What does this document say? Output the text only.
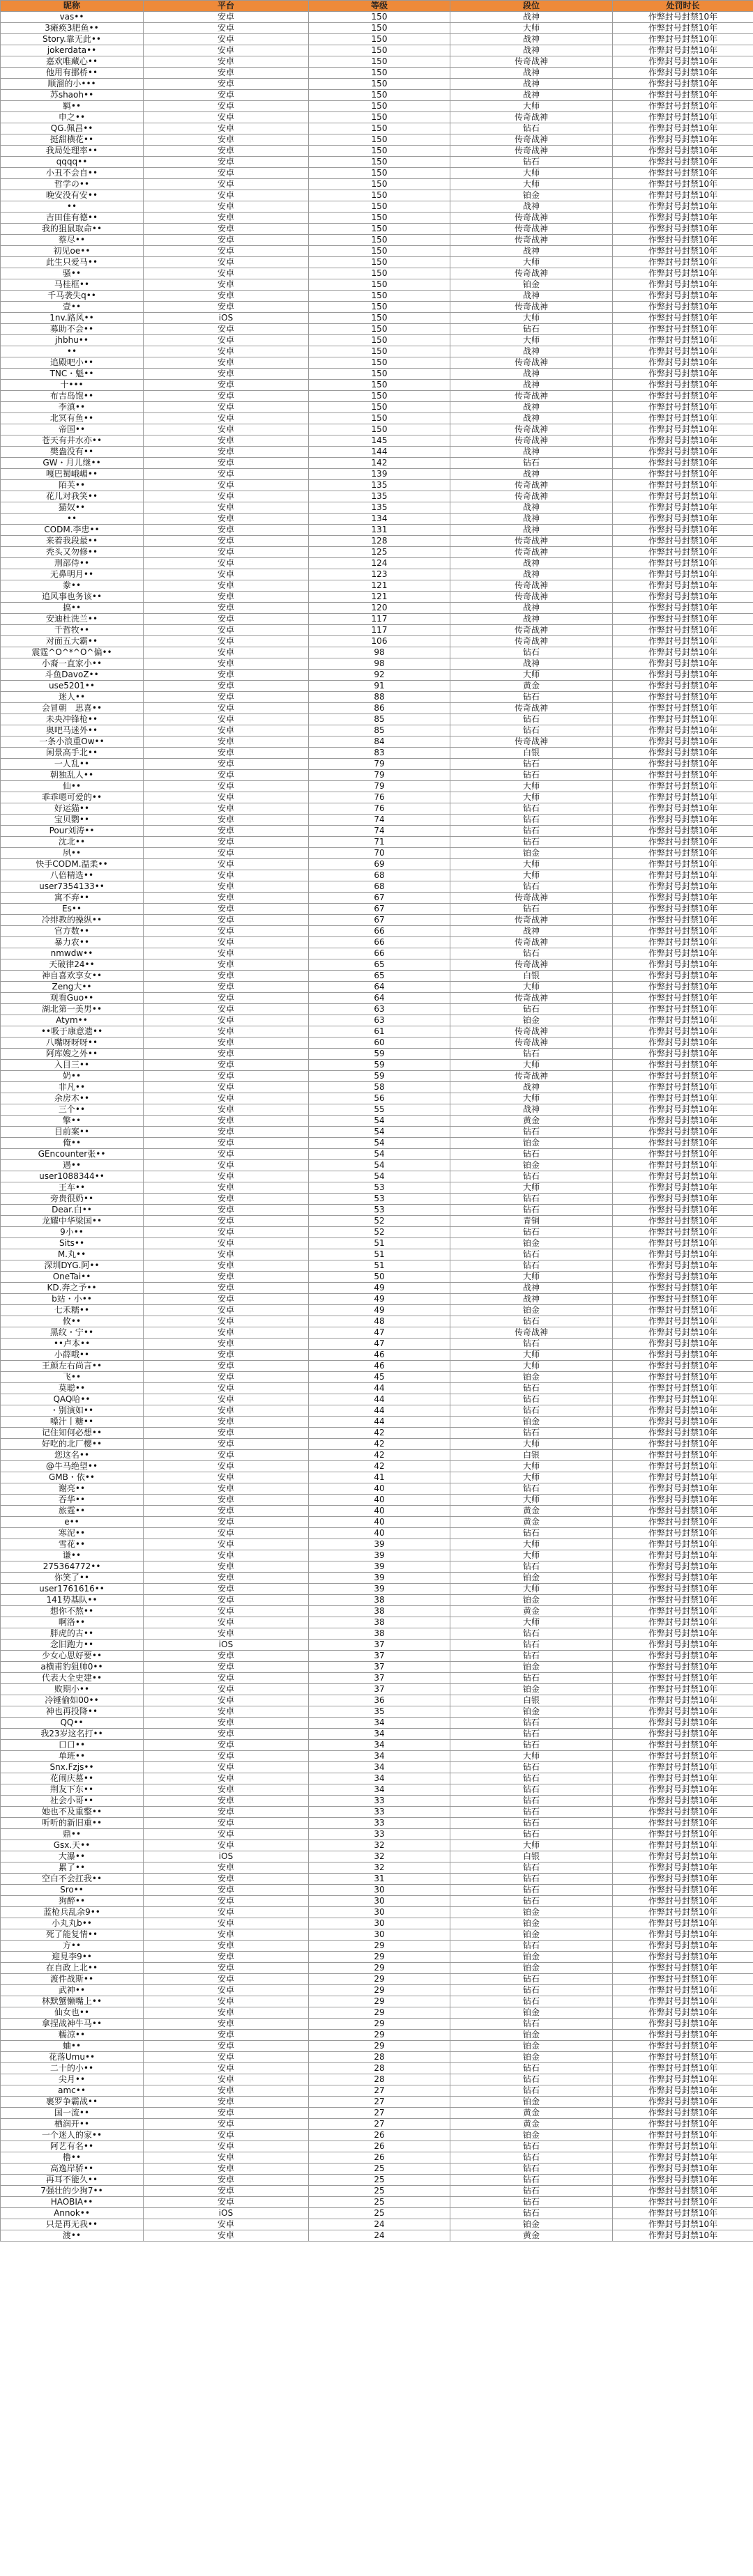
昵称	平台	等级	段位	处罚时长
vas••	安卓	150	战神	作弊封号封禁10年
3瘫痪3肥鱼••	安卓	150	大师	作弊封号封禁10年
Story.靠无此••	安卓	150	战神	作弊封号封禁10年
jokerdata••	安卓	150	战神	作弊封号封禁10年
嘉欢唯藏心••	安卓	150	传奇战神	作弊封号封禁10年
他用有挪桥••	安卓	150	战神	作弊封号封禁10年
顺溜的小•••	安卓	150	战神	作弊封号封禁10年
苏shaoh••	安卓	150	战神	作弊封号封禁10年
羁••	安卓	150	大师	作弊封号封禁10年
申之••	安卓	150	传奇战神	作弊封号封禁10年
QG.佩昌••	安卓	150	钻石	作弊封号封禁10年
挺甜横花••	安卓	150	传奇战神	作弊封号封禁10年
我局处理率••	安卓	150	传奇战神	作弊封号封禁10年
qqqq••	安卓	150	钻石	作弊封号封禁10年
小丑不会自••	安卓	150	大师	作弊封号封禁10年
哲学の••	安卓	150	大师	作弊封号封禁10年
晚安没有安••	安卓	150	铂金	作弊封号封禁10年
••	安卓	150	战神	作弊封号封禁10年
吉田佳有德••	安卓	150	传奇战神	作弊封号封禁10年
我的狙鼠取命••	安卓	150	传奇战神	作弊封号封禁10年
蔡尽••	安卓	150	传奇战神	作弊封号封禁10年
初见oe••	安卓	150	战神	作弊封号封禁10年
此生只爱马••	安卓	150	大师	作弊封号封禁10年
骚••	安卓	150	传奇战神	作弊封号封禁10年
马桂框••	安卓	150	铂金	作弊封号封禁10年
千马袭失q••	安卓	150	战神	作弊封号封禁10年
壹••	安卓	150	传奇战神	作弊封号封禁10年
1nv.路风••	iOS	150	大师	作弊封号封禁10年
募助不会••	安卓	150	钻石	作弊封号封禁10年
jhbhu••	安卓	150	大师	作弊封号封禁10年
••	安卓	150	战神	作弊封号封禁10年
追殿吧小••	安卓	150	传奇战神	作弊封号封禁10年
TNC・魁••	安卓	150	战神	作弊封号封禁10年
十•••	安卓	150	战神	作弊封号封禁10年
布吉岛饱••	安卓	150	传奇战神	作弊封号封禁10年
李滇••	安卓	150	战神	作弊封号封禁10年
北冥有鱼••	安卓	150	战神	作弊封号封禁10年
帝国••	安卓	150	传奇战神	作弊封号封禁10年
苍天有井水亦••	安卓	145	传奇战神	作弊封号封禁10年
樊盎没有••	安卓	144	战神	作弊封号封禁10年
GW・月儿继••	安卓	142	钻石	作弊封号封禁10年
嘎巴蜀峨嵋••	安卓	139	战神	作弊封号封禁10年
陌芙••	安卓	135	传奇战神	作弊封号封禁10年
花儿对我笑••	安卓	135	传奇战神	作弊封号封禁10年
猫奴••	安卓	135	战神	作弊封号封禁10年
••	安卓	134	战神	作弊封号封禁10年
CODM.李忠••	安卓	131	战神	作弊封号封禁10年
来着我段最••	安卓	128	传奇战神	作弊封号封禁10年
秃头又勿修••	安卓	125	传奇战神	作弊封号封禁10年
刑部侍••	安卓	124	战神	作弊封号封禁10年
无鼻明月••	安卓	123	战神	作弊封号封禁10年
豢••	安卓	121	传奇战神	作弊封号封禁10年
追风事也务该••	安卓	121	传奇战神	作弊封号封禁10年
搞••	安卓	120	战神	作弊封号封禁10年
安迪杜洗兰••	安卓	117	战神	作弊封号封禁10年
千哲牧••	安卓	117	传奇战神	作弊封号封禁10年
对面五大霸••	安卓	106	传奇战神	作弊封号封禁10年
震霆^O^*^O^偏••	安卓	98	钻石	作弊封号封禁10年
小裔一直家小••	安卓	98	战神	作弊封号封禁10年
斗鱼DavoZ••	安卓	92	大师	作弊封号封禁10年
use5201••	安卓	91	黄金	作弊封号封禁10年
迷人••	安卓	88	钻石	作弊封号封禁10年
会冒朝　思喜••	安卓	86	传奇战神	作弊封号封禁10年
未央冲锋枪••	安卓	85	钻石	作弊封号封禁10年
奥吧马迷外••	安卓	85	钻石	作弊封号封禁10年
一条小浪重Ow••	安卓	84	传奇战神	作弊封号封禁10年
闲景高手北••	安卓	83	白银	作弊封号封禁10年
一人乱••	安卓	79	钻石	作弊封号封禁10年
朝独乱人••	安卓	79	钻石	作弊封号封禁10年
仙••	安卓	79	大师	作弊封号封禁10年
乖乖嗯可爱的••	安卓	76	大师	作弊封号封禁10年
好运猫••	安卓	76	钻石	作弊封号封禁10年
宝贝鹦••	安卓	74	钻石	作弊封号封禁10年
Pour刘涛••	安卓	74	钻石	作弊封号封禁10年
沈北••	安卓	71	钻石	作弊封号封禁10年
夙••	安卓	70	铂金	作弊封号封禁10年
快手CODM.温柔••	安卓	69	大师	作弊封号封禁10年
八倍精选••	安卓	68	大师	作弊封号封禁10年
user7354133••	安卓	68	钻石	作弊封号封禁10年
寓不弃••	安卓	67	传奇战神	作弊封号封禁10年
Es••	安卓	67	钻石	作弊封号封禁10年
冷绯教的操纵••	安卓	67	传奇战神	作弊封号封禁10年
官方数••	安卓	66	战神	作弊封号封禁10年
暴力农••	安卓	66	传奇战神	作弊封号封禁10年
nmwdw••	安卓	66	钻石	作弊封号封禁10年
天破律24••	安卓	65	传奇战神	作弊封号封禁10年
神自喜欢享女••	安卓	65	白银	作弊封号封禁10年
Zeng大••	安卓	64	大师	作弊封号封禁10年
观看Guo••	安卓	64	传奇战神	作弊封号封禁10年
湖北第一美男••	安卓	63	钻石	作弊封号封禁10年
Atym••	安卓	63	铂金	作弊封号封禁10年
••吸于康意遗••	安卓	61	传奇战神	作弊封号封禁10年
八嘴呀呀呀••	安卓	60	传奇战神	作弊封号封禁10年
阿库嫂之外••	安卓	59	钻石	作弊封号封禁10年
入目三••	安卓	59	大师	作弊封号封禁10年
奶••	安卓	59	传奇战神	作弊封号封禁10年
非凡••	安卓	58	战神	作弊封号封禁10年
余房木••	安卓	56	大师	作弊封号封禁10年
三个••	安卓	55	战神	作弊封号封禁10年
擎••	安卓	54	黄金	作弊封号封禁10年
目前案••	安卓	54	钻石	作弊封号封禁10年
俺••	安卓	54	铂金	作弊封号封禁10年
GEncounter张••	安卓	54	钻石	作弊封号封禁10年
遇••	安卓	54	铂金	作弊封号封禁10年
user1088344••	安卓	54	钻石	作弊封号封禁10年
王车••	安卓	53	大师	作弊封号封禁10年
旁贵很奶••	安卓	53	钻石	作弊封号封禁10年
Dear.白••	安卓	53	钻石	作弊封号封禁10年
龙耀中华梁国••	安卓	52	青铜	作弊封号封禁10年
9小••	安卓	52	钻石	作弊封号封禁10年
Sits••	安卓	51	铂金	作弊封号封禁10年
M.丸••	安卓	51	钻石	作弊封号封禁10年
深圳DYG.阿••	安卓	51	钻石	作弊封号封禁10年
OneTai••	安卓	50	大师	作弊封号封禁10年
KD.奔之予••	安卓	49	战神	作弊封号封禁10年
b站・小••	安卓	49	战神	作弊封号封禁10年
七禾糯••	安卓	49	铂金	作弊封号封禁10年
攸••	安卓	48	钻石	作弊封号封禁10年
黑纹・宁••	安卓	47	传奇战神	作弊封号封禁10年
••卢本••	安卓	47	钻石	作弊封号封禁10年
小薛哦••	安卓	46	大师	作弊封号封禁10年
王颜左右尚言••	安卓	46	大师	作弊封号封禁10年
飞••	安卓	45	铂金	作弊封号封禁10年
莫聪••	安卓	44	钻石	作弊封号封禁10年
QAQ哈••	安卓	44	钻石	作弊封号封禁10年
・别演如••	安卓	44	钻石	作弊封号封禁10年
嗓汁丨糖••	安卓	44	铂金	作弊封号封禁10年
记住知何必想••	安卓	42	钻石	作弊封号封禁10年
好吃的北厂樱••	安卓	42	大师	作弊封号封禁10年
您这名••	安卓	42	白银	作弊封号封禁10年
@牛马绝望••	安卓	42	大师	作弊封号封禁10年
GMB・依••	安卓	41	大师	作弊封号封禁10年
谢亮••	安卓	40	钻石	作弊封号封禁10年
吞华••	安卓	40	大师	作弊封号封禁10年
旅霆••	安卓	40	黄金	作弊封号封禁10年
e••	安卓	40	黄金	作弊封号封禁10年
寒泥••	安卓	40	钻石	作弊封号封禁10年
雪花••	安卓	39	大师	作弊封号封禁10年
谦••	安卓	39	大师	作弊封号封禁10年
275364772••	安卓	39	钻石	作弊封号封禁10年
你笑了••	安卓	39	铂金	作弊封号封禁10年
user1761616••	安卓	39	大师	作弊封号封禁10年
141势基队••	安卓	38	铂金	作弊封号封禁10年
想你不熬••	安卓	38	黄金	作弊封号封禁10年
啊洛••	安卓	38	大师	作弊封号封禁10年
胖虎的古••	安卓	38	钻石	作弊封号封禁10年
念旧跑力••	iOS	37	钻石	作弊封号封禁10年
少女心思好要••	安卓	37	钻石	作弊封号封禁10年
a横甫豹狙帅0••	安卓	37	铂金	作弊封号封禁10年
代表大全史建••	安卓	37	钻石	作弊封号封禁10年
败期小••	安卓	37	铂金	作弊封号封禁10年
冷锤偷如00••	安卓	36	白银	作弊封号封禁10年
神也再投降••	安卓	35	铂金	作弊封号封禁10年
QQ••	安卓	34	钻石	作弊封号封禁10年
我23岁这名打••	安卓	34	钻石	作弊封号封禁10年
口口••	安卓	34	钻石	作弊封号封禁10年
单班••	安卓	34	大师	作弊封号封禁10年
Snx.Fzjs••	安卓	34	钻石	作弊封号封禁10年
花闹庆墓••	安卓	34	钻石	作弊封号封禁10年
荆友下东••	安卓	34	钻石	作弊封号封禁10年
社会小哥••	安卓	33	钻石	作弊封号封禁10年
她也不及重整••	安卓	33	钻石	作弊封号封禁10年
听听的新旧重••	安卓	33	钻石	作弊封号封禁10年
鼎••	安卓	33	钻石	作弊封号封禁10年
Gsx.天••	安卓	32	大师	作弊封号封禁10年
大瀑••	iOS	32	白银	作弊封号封禁10年
累了••	安卓	32	钻石	作弊封号封禁10年
空白不会扛我••	安卓	31	钻石	作弊封号封禁10年
Sro••	安卓	30	钻石	作弊封号封禁10年
狗醉••	安卓	30	钻石	作弊封号封禁10年
蓝枪兵乱余9••	安卓	30	铂金	作弊封号封禁10年
小丸丸b••	安卓	30	铂金	作弊封号封禁10年
死了能复情••	安卓	30	铂金	作弊封号封禁10年
方••	安卓	29	钻石	作弊封号封禁10年
迎見李9••	安卓	29	铂金	作弊封号封禁10年
在自政上北••	安卓	29	铂金	作弊封号封禁10年
渡件战斯••	安卓	29	钻石	作弊封号封禁10年
武神••	安卓	29	钻石	作弊封号封禁10年
林默蟹懒嘴上••	安卓	29	钻石	作弊封号封禁10年
仙女也••	安卓	29	铂金	作弊封号封禁10年
拿捏战神牛马••	安卓	29	钻石	作弊封号封禁10年
糯涼••	安卓	29	铂金	作弊封号封禁10年
蛐••	安卓	29	铂金	作弊封号封禁10年
花落Umu••	安卓	28	铂金	作弊封号封禁10年
二十的小••	安卓	28	钻石	作弊封号封禁10年
尖月••	安卓	28	钻石	作弊封号封禁10年
amc••	安卓	27	钻石	作弊封号封禁10年
裹罗争霸战••	安卓	27	铂金	作弊封号封禁10年
国一流••	安卓	27	黄金	作弊封号封禁10年
栖润开••	安卓	27	黄金	作弊封号封禁10年
一个迷人的家••	安卓	26	铂金	作弊封号封禁10年
阿艺有名••	安卓	26	钻石	作弊封号封禁10年
橹••	安卓	26	钻石	作弊封号封禁10年
高逸岸骄••	安卓	25	钻石	作弊封号封禁10年
再耳不能久••	安卓	25	钻石	作弊封号封禁10年
7强壮的少狗7••	安卓	25	钻石	作弊封号封禁10年
HAOBIA••	安卓	25	钻石	作弊封号封禁10年
Annok••	iOS	25	钻石	作弊封号封禁10年
只是再无我••	安卓	24	铂金	作弊封号封禁10年
渡••	安卓	24	黄金	作弊封号封禁10年
